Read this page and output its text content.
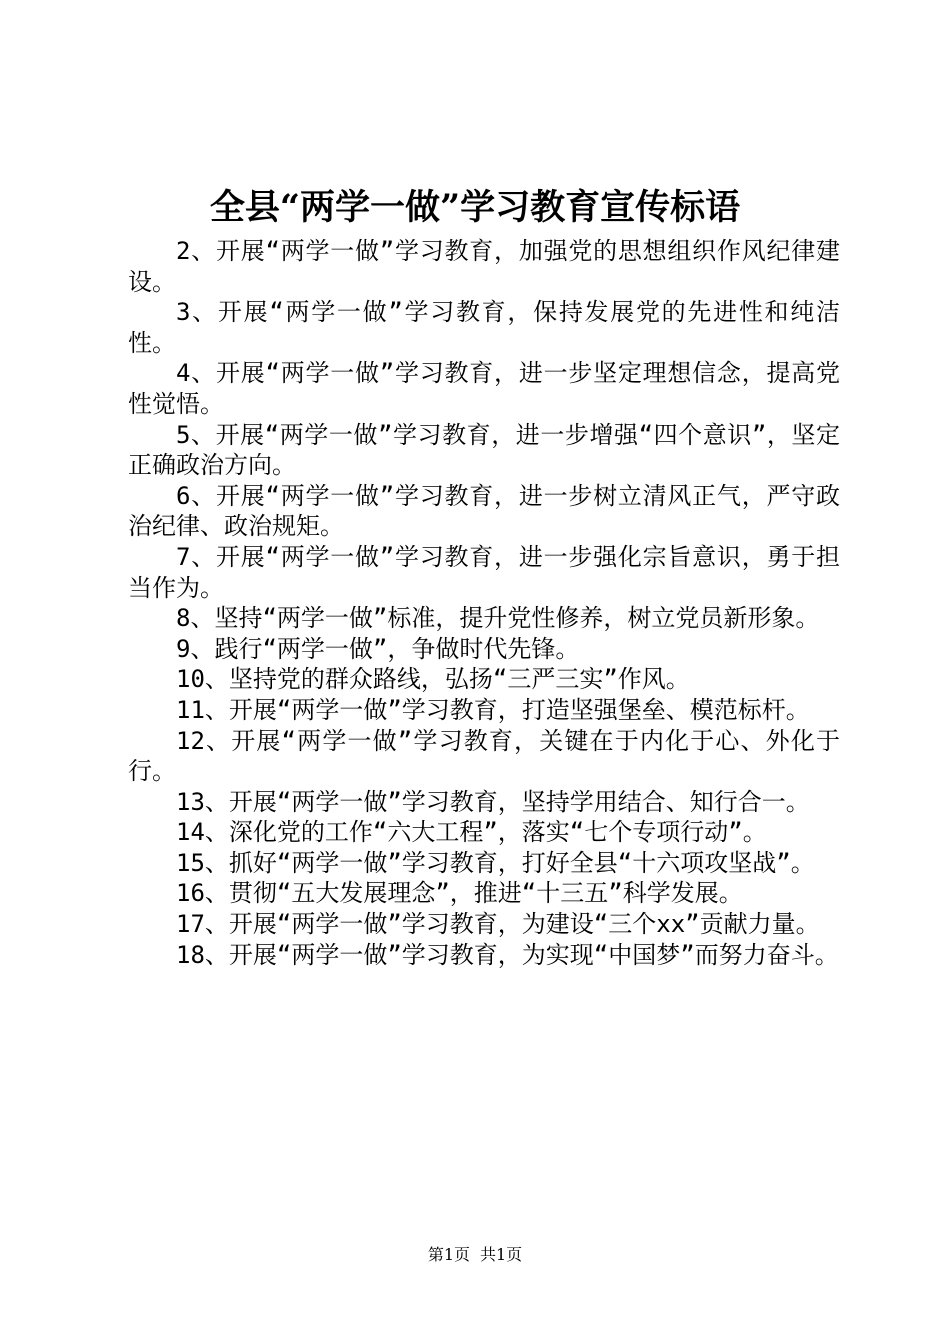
全县“两学一做”学习教育宣传标语

2、开展“两学一做”学习教育，加强党的思想组织作风纪律建设。

3、开展“两学一做”学习教育，保持发展党的先进性和纯洁性。

4、开展“两学一做”学习教育，进一步坚定理想信念，提高党性觉悟。

5、开展“两学一做”学习教育，进一步增强“四个意识”，坚定正确政治方向。

6、开展“两学一做”学习教育，进一步树立清风正气，严守政治纪律、政治规矩。

7、开展“两学一做”学习教育，进一步强化宗旨意识，勇于担当作为。

8、坚持“两学一做”标准，提升党性修养，树立党员新形象。

9、践行“两学一做”，争做时代先锋。

10、坚持党的群众路线，弘扬“三严三实”作风。

11、开展“两学一做”学习教育，打造坚强堡垒、模范标杆。

12、开展“两学一做”学习教育，关键在于内化于心、外化于行。

13、开展“两学一做”学习教育，坚持学用结合、知行合一。

14、深化党的工作“六大工程”，落实“七个专项行动”。

15、抓好“两学一做”学习教育，打好全县“十六项攻坚战”。

16、贯彻“五大发展理念”，推进“十三五”科学发展。

17、开展“两学一做”学习教育，为建设“三个xx”贡献力量。

18、开展“两学一做”学习教育，为实现“中国梦”而努力奋斗。

第1页 共1页
